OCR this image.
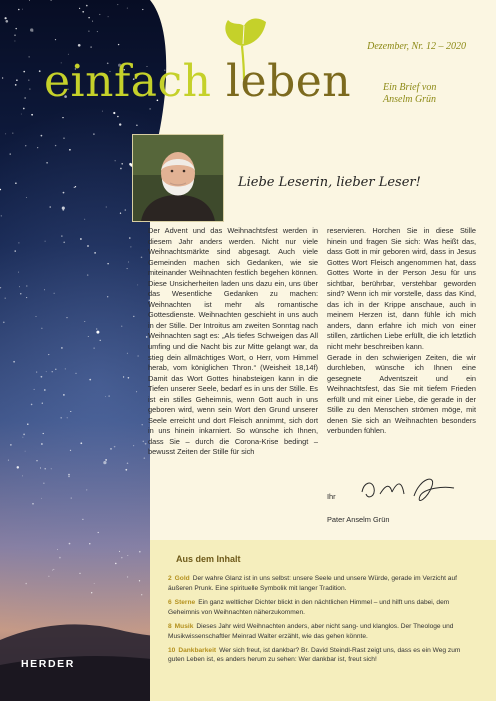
Dezember, Nr. 12 – 2020
einfach leben	Ein Brief von
Anselm Grün
Liebe Leserin, lieber Leser!

Der Advent und das Weihnachtsfest werden in diesem Jahr anders werden. Nicht nur viele Weihnachtsmärkte sind abgesagt. Auch viele Gemeinden machen sich Gedanken, wie sie miteinander Weihnachten festlich begehen können. Diese Unsicherheiten laden uns dazu ein, uns über das Wesentliche Gedanken zu machen: Weihnachten ist mehr als romantische Gottesdienste. Weihnachten geschieht in uns auch in der Stille. Der Introitus am zweiten Sonntag nach Weihnachten sagt es: „Als tiefes Schweigen das All umfing und die Nacht bis zur Mitte gelangt war, da stieg dein allmächtiges Wort, o Herr, vom Himmel herab, vom königlichen Thron.“ (Weisheit 18,14f) Damit das Wort Gottes hinabsteigen kann in die Tiefen unserer Seele, bedarf es in uns der Stille. Es ist ein stilles Geheimnis, wenn Gott auch in uns geboren wird, wenn sein Wort den Grund unserer Seele erreicht und dort Fleisch annimmt, sich dort in uns hinein inkarniert. So wünsche ich Ihnen, dass Sie – durch die Corona-Krise bedingt – bewusst Zeiten der Stille für sich

reservieren. Horchen Sie in diese Stille hinein und fragen Sie sich: Was heißt das, dass Gott in mir geboren wird, dass in Jesus Gottes Wort Fleisch angenommen hat, dass Gottes Worte in der Person Jesu für uns sichtbar, berührbar, verstehbar geworden sind? Wenn ich mir vorstelle, dass das Kind, das ich in der Krippe anschaue, auch in meinem Herzen ist, dann fühle ich mich anders, dann erfahre ich mich von einer stillen, zärtlichen Liebe erfüllt, die ich letztlich nicht mehr beschreiben kann.

Gerade in den schwierigen Zeiten, die wir durchleben, wünsche ich Ihnen eine gesegnete Adventszeit und ein Weihnachtsfest, das Sie mit tiefem Frieden erfüllt und mit einer Liebe, die gerade in der Stille zu den Menschen strömen möge, mit denen Sie sich an Weihnachten besonders verbunden fühlen.

Ihr
Pater Anselm Grün
Aus dem Inhalt
2 Gold Der wahre Glanz ist in uns selbst: unsere Seele und unsere Würde, gerade im Verzicht auf äußeren Prunk. Eine spirituelle Symbolik mit langer Tradition.
6 Sterne Ein ganz weltlicher Dichter blickt in den nächtlichen Himmel – und hilft uns dabei, dem Geheimnis von Weihnachten näherzukommen.
8 Musik Dieses Jahr wird Weihnachten anders, aber nicht sang- und klanglos. Der Theologe und Musikwissenschaftler Meinrad Walter erzählt, wie das gehen könnte.
10 Dankbarkeit Wer sich freut, ist dankbar? Br. David Steindl-Rast zeigt uns, dass es ein Weg zum guten Leben ist, es anders herum zu sehen: Wer dankbar ist, freut sich!
HERDER
